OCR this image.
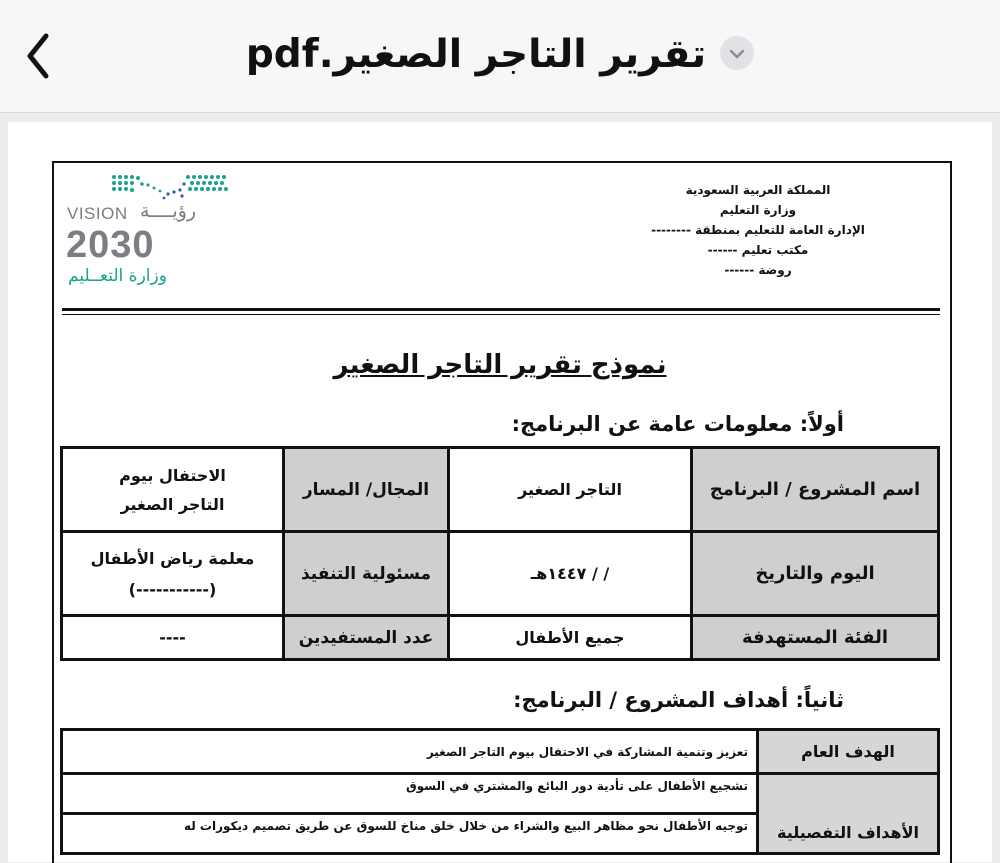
تقرير التاجر الصغير.pdf
VISION رؤيــــة
2030
وزارة التعــليم
المملكة العربية السعودية
وزارة التعليم
الإدارة العامة للتعليم بمنطقة --------
مكتب تعليم ------
روضة ------
نموذج تقرير التاجر الصغير
أولاً: معلومات عامة عن البرنامج:
اسم المشروع / البرنامج	التاجر الصغير	المجال/ المسار	الاحتفال بيوم
التاجر الصغير

اليوم والتاريخ	/ / ١٤٤٧هـ	مسئولية التنفيذ	معلمة رياض الأطفال
(-----------)

الفئة المستهدفة	جميع الأطفال	عدد المستفيدين	----
ثانياً: أهداف المشروع / البرنامج:
الهدف العام	تعزيز وتنمية المشاركة في الاحتفال بيوم التاجر الصغير
الأهداف التفصيلية	تشجيع الأطفال على تأدية دور البائع والمشتري في السوق
	توجيه الأطفال نحو مظاهر البيع والشراء من خلال خلق مناخ للسوق عن طريق تصميم ديكورات له
